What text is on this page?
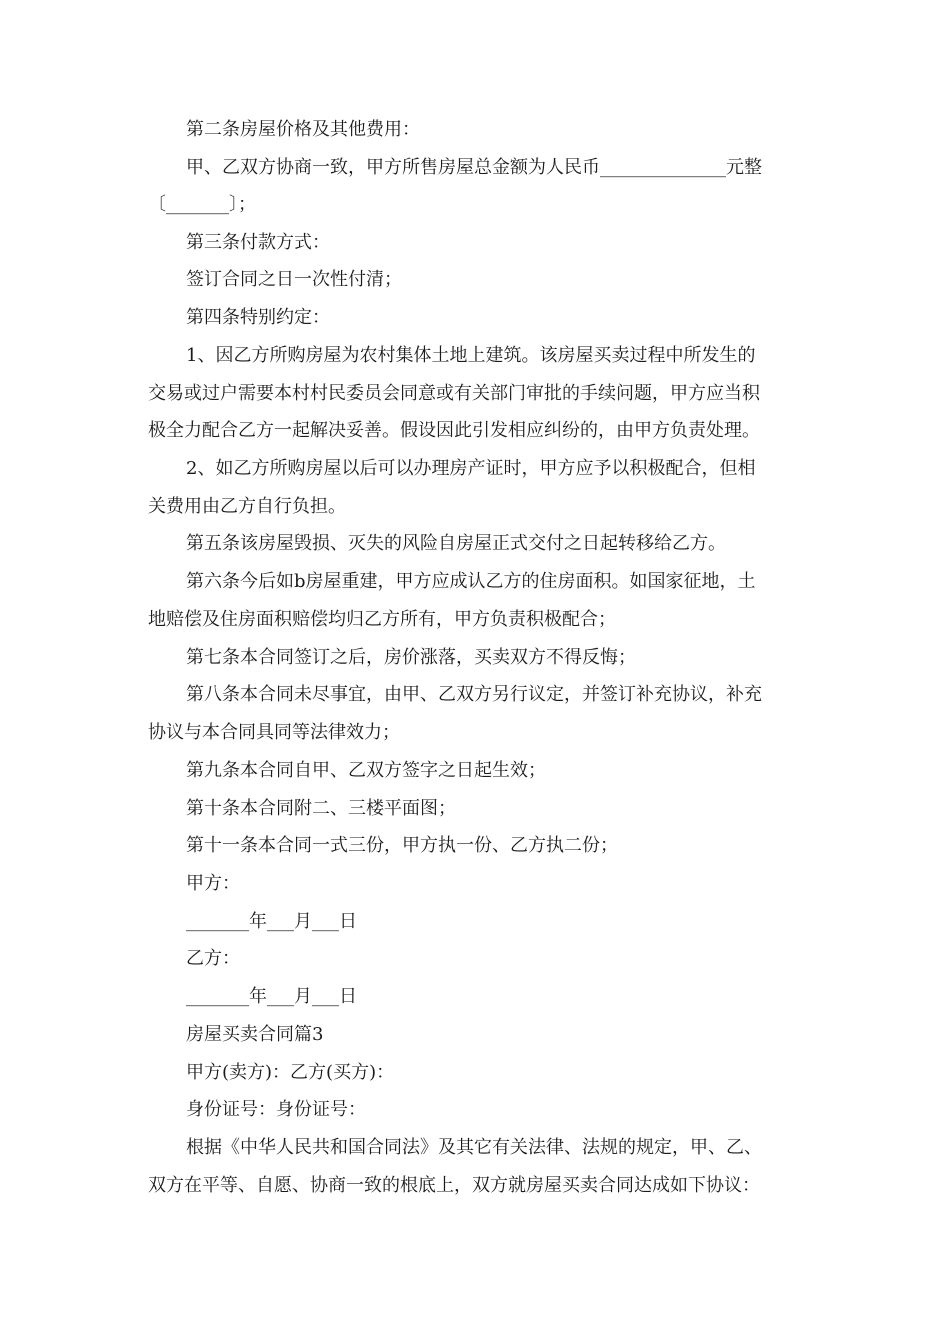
第二条房屋价格及其他费用：
甲、乙双方协商一致，甲方所售房屋总金额为人民币______________元整
〔_______〕；
第三条付款方式：
签订合同之日一次性付清；
第四条特别约定：
1、因乙方所购房屋为农村集体土地上建筑。该房屋买卖过程中所发生的
交易或过户需要本村村民委员会同意或有关部门审批的手续问题，甲方应当积
极全力配合乙方一起解决妥善。假设因此引发相应纠纷的，由甲方负责处理。
2、如乙方所购房屋以后可以办理房产证时，甲方应予以积极配合，但相
关费用由乙方自行负担。
第五条该房屋毁损、灭失的风险自房屋正式交付之日起转移给乙方。
第六条今后如b房屋重建，甲方应成认乙方的住房面积。如国家征地，土
地赔偿及住房面积赔偿均归乙方所有，甲方负责积极配合；
第七条本合同签订之后，房价涨落，买卖双方不得反悔；
第八条本合同未尽事宜，由甲、乙双方另行议定，并签订补充协议，补充
协议与本合同具同等法律效力；
第九条本合同自甲、乙双方签字之日起生效；
第十条本合同附二、三楼平面图；
第十一条本合同一式三份，甲方执一份、乙方执二份；
甲方：
_______年___月___日
乙方：
_______年___月___日
房屋买卖合同篇3
甲方(卖方)：乙方(买方)：
身份证号：身份证号：
根据《中华人民共和国合同法》及其它有关法律、法规的规定，甲、乙、
双方在平等、自愿、协商一致的根底上，双方就房屋买卖合同达成如下协议：
